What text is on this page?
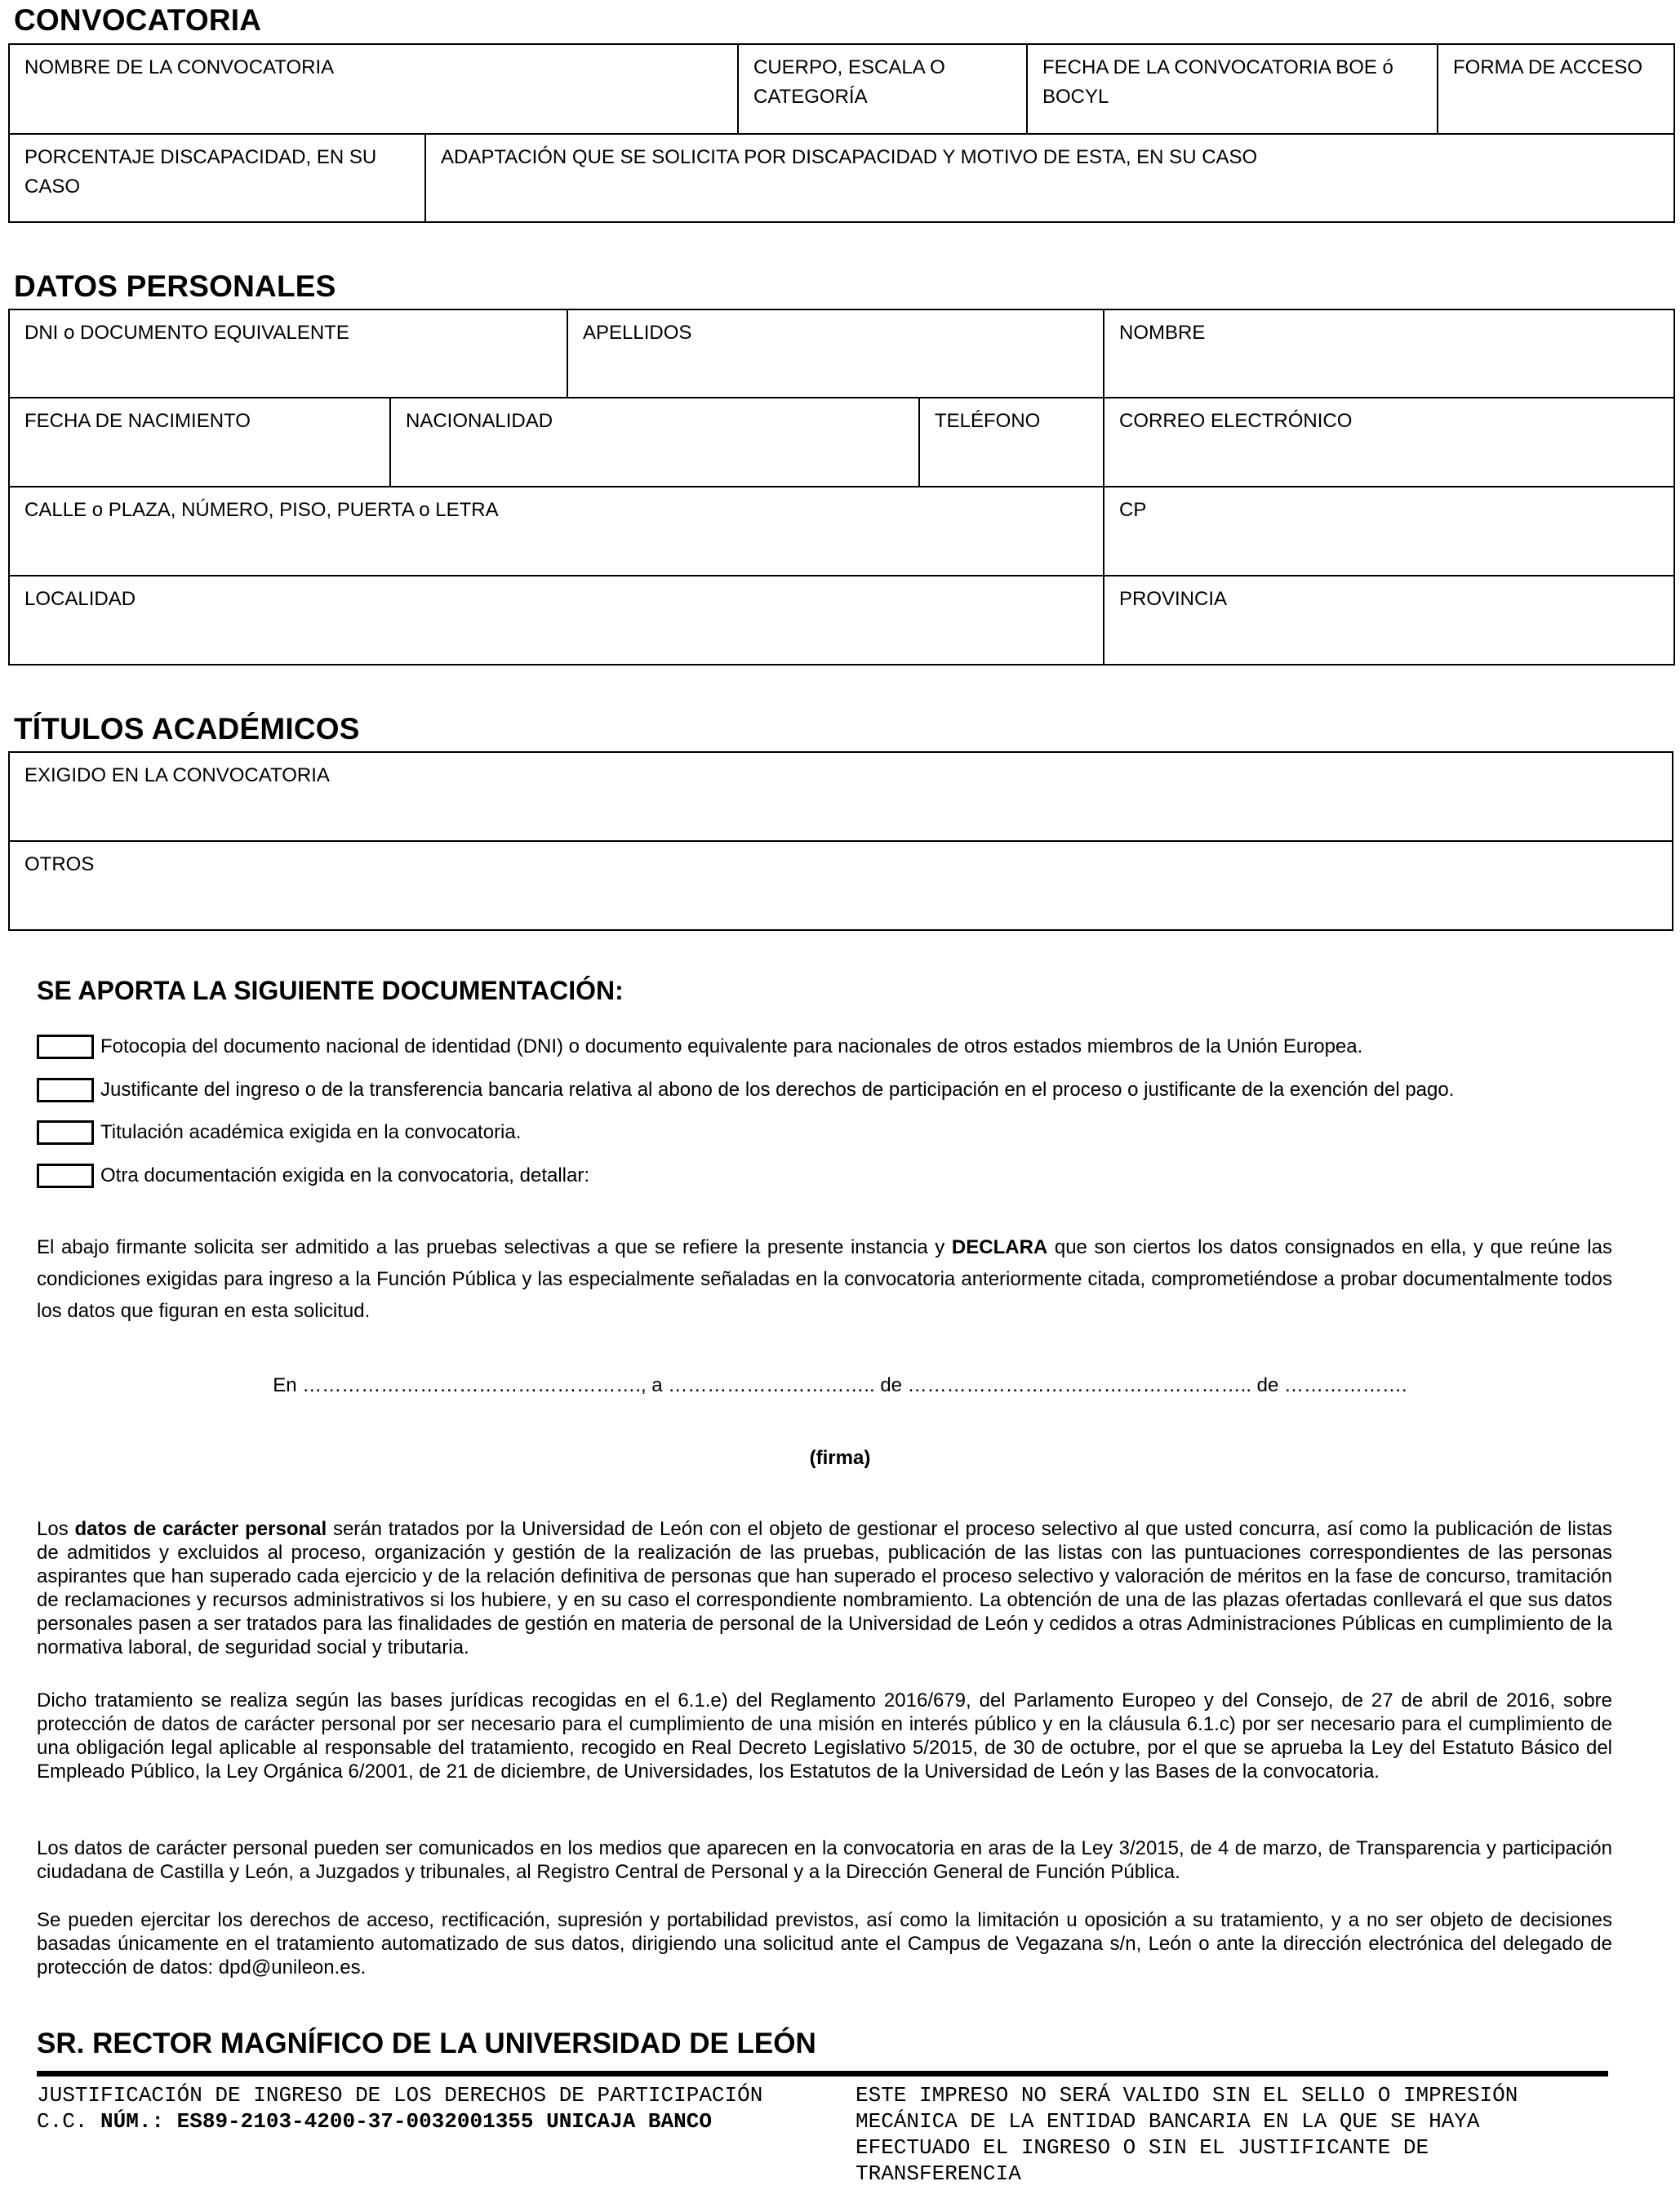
CONVOCATORIA
NOMBRE DE LA CONVOCATORIA		CUERPO, ESCALA O CATEGORÍA	FECHA DE LA CONVOCATORIA BOE ó BOCYL	FORMA DE ACCESO
PORCENTAJE DISCAPACIDAD, EN SU CASO	ADAPTACIÓN QUE SE SOLICITA POR DISCAPACIDAD Y MOTIVO DE ESTA, EN SU CASO			
DATOS PERSONALES
DNI o DOCUMENTO EQUIVALENTE		APELLIDOS		NOMBRE
FECHA DE NACIMIENTO	NACIONALIDAD		TELÉFONO	CORREO ELECTRÓNICO
CALLE o PLAZA, NÚMERO, PISO, PUERTA o LETRA				CP
LOCALIDAD				PROVINCIA
TÍTULOS ACADÉMICOS
EXIGIDO EN LA CONVOCATORIA
OTROS
SE APORTA LA SIGUIENTE DOCUMENTACIÓN:
Fotocopia del documento nacional de identidad (DNI) o documento equivalente para nacionales de otros estados miembros de la Unión Europea.
Justificante del ingreso o de la transferencia bancaria relativa al abono de los derechos de participación en el proceso o justificante de la exención del pago.
Titulación académica exigida en la convocatoria.
Otra documentación exigida en la convocatoria, detallar:
El abajo firmante solicita ser admitido a las pruebas selectivas a que se refiere la presente instancia y DECLARA que son ciertos los datos consignados en ella, y que reúne las condiciones exigidas para ingreso a la Función Pública y las especialmente señaladas en la convocatoria anteriormente citada, comprometiéndose a probar documentalmente todos los datos que figuran en esta solicitud.
En ……………………………………………., a ………………………….. de …………………………………………….. de ……………….
(firma)
Los datos de carácter personal serán tratados por la Universidad de León con el objeto de gestionar el proceso selectivo al que usted concurra, así como la publicación de listas de admitidos y excluidos al proceso, organización y gestión de la realización de las pruebas, publicación de las listas con las puntuaciones correspondientes de las personas aspirantes que han superado cada ejercicio y de la relación definitiva de personas que han superado el proceso selectivo y valoración de méritos en la fase de concurso, tramitación de reclamaciones y recursos administrativos si los hubiere, y en su caso el correspondiente nombramiento. La obtención de una de las plazas ofertadas conllevará el que sus datos personales pasen a ser tratados para las finalidades de gestión en materia de personal de la Universidad de León y cedidos a otras Administraciones Públicas en cumplimiento de la normativa laboral, de seguridad social y tributaria.
Dicho tratamiento se realiza según las bases jurídicas recogidas en el 6.1.e) del Reglamento 2016/679, del Parlamento Europeo y del Consejo, de 27 de abril de 2016, sobre protección de datos de carácter personal por ser necesario para el cumplimiento de una misión en interés público y en la cláusula 6.1.c) por ser necesario para el cumplimiento de una obligación legal aplicable al responsable del tratamiento, recogido en Real Decreto Legislativo 5/2015, de 30 de octubre, por el que se aprueba la Ley del Estatuto Básico del Empleado Público, la Ley Orgánica 6/2001, de 21 de diciembre, de Universidades, los Estatutos de la Universidad de León y las Bases de la convocatoria.
Los datos de carácter personal pueden ser comunicados en los medios que aparecen en la convocatoria en aras de la Ley 3/2015, de 4 de marzo, de Transparencia y participación ciudadana de Castilla y León, a Juzgados y tribunales, al Registro Central de Personal y a la Dirección General de Función Pública.
Se pueden ejercitar los derechos de acceso, rectificación, supresión y portabilidad previstos, así como la limitación u oposición a su tratamiento, y a no ser objeto de decisiones basadas únicamente en el tratamiento automatizado de sus datos, dirigiendo una solicitud ante el Campus de Vegazana s/n, León o ante la dirección electrónica del delegado de protección de datos: dpd@unileon.es.
SR. RECTOR MAGNÍFICO DE LA UNIVERSIDAD DE LEÓN
JUSTIFICACIÓN DE INGRESO DE LOS DERECHOS DE PARTICIPACIÓN
C.C. NÚM.: ES89-2103-4200-37-0032001355 UNICAJA BANCO
ESTE IMPRESO NO SERÁ VALIDO SIN EL SELLO O IMPRESIÓN MECÁNICA DE LA ENTIDAD BANCARIA EN LA QUE SE HAYA EFECTUADO EL INGRESO O SIN EL JUSTIFICANTE DE TRANSFERENCIA
